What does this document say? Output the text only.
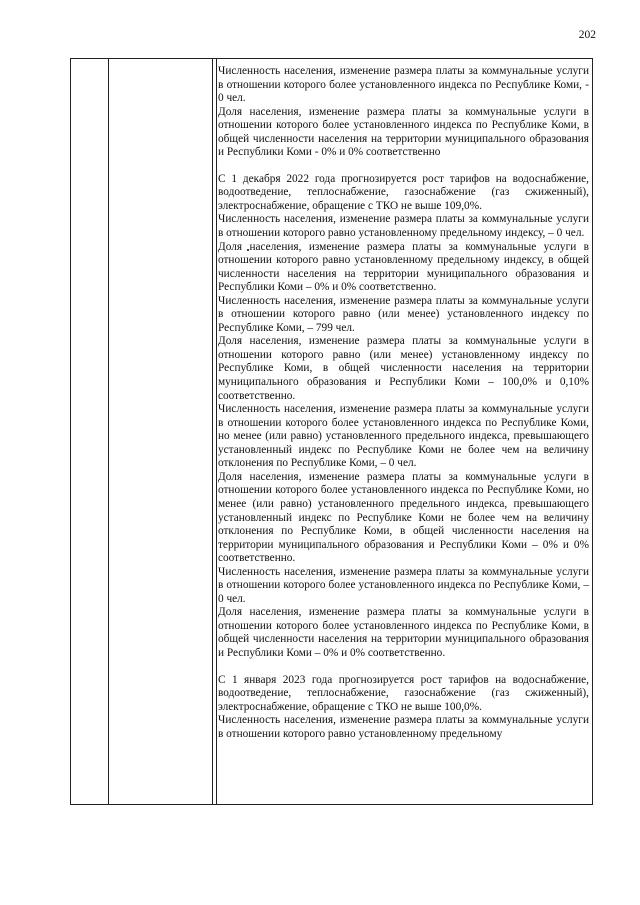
202

Численность населения, изменение размера платы за коммунальные услуги в отношении которого более установленного индекса по Республике Коми, - 0 чел.

Доля населения, изменение размера платы за коммунальные услуги в отношении которого более установленного индекса по Республике Коми, в общей численности населения на территории муниципального образования и Республики Коми - 0% и 0% соответственно

С 1 декабря 2022 года прогнозируется рост тарифов на водоснабжение, водоотведение, теплоснабжение, газоснабжение (газ сжиженный), электроснабжение, обращение с ТКО не выше 109,0%.

Численность населения, изменение размера платы за коммунальные услуги в отношении которого равно установленному предельному индексу, – 0 чел.

Доля населения, изменение размера платы за коммунальные услуги в отношении которого равно установленному предельному индексу, в общей численности населения на территории муниципального образования и Республики Коми – 0% и 0% соответственно.

Численность населения, изменение размера платы за коммунальные услуги в отношении которого равно (или менее) установленного индексу по Республике Коми, – 799 чел.

Доля населения, изменение размера платы за коммунальные услуги в отношении которого равно (или менее) установленному индексу по Республике Коми, в общей численности населения на территории муниципального образования и Республики Коми – 100,0% и 0,10% соответственно.

Численность населения, изменение размера платы за коммунальные услуги в отношении которого более установленного индекса по Республике Коми, но менее (или равно) установленного предельного индекса, превышающего установленный индекс по Республике Коми не более чем на величину отклонения по Республике Коми, – 0 чел.

Доля населения, изменение размера платы за коммунальные услуги в отношении которого более установленного индекса по Республике Коми, но менее (или равно) установленного предельного индекса, превышающего установленный индекс по Республике Коми не более чем на величину отклонения по Республике Коми, в общей численности населения на территории муниципального образования и Республики Коми – 0% и 0% соответственно.

Численность населения, изменение размера платы за коммунальные услуги в отношении которого более установленного индекса по Республике Коми, – 0 чел.

Доля населения, изменение размера платы за коммунальные услуги в отношении которого более установленного индекса по Республике Коми, в общей численности населения на территории муниципального образования и Республики Коми – 0% и 0% соответственно.

С 1 января 2023 года прогнозируется рост тарифов на водоснабжение, водоотведение, теплоснабжение, газоснабжение (газ сжиженный), электроснабжение, обращение с ТКО не выше 100,0%.

Численность населения, изменение размера платы за коммунальные услуги в отношении которого равно установленному предельному
